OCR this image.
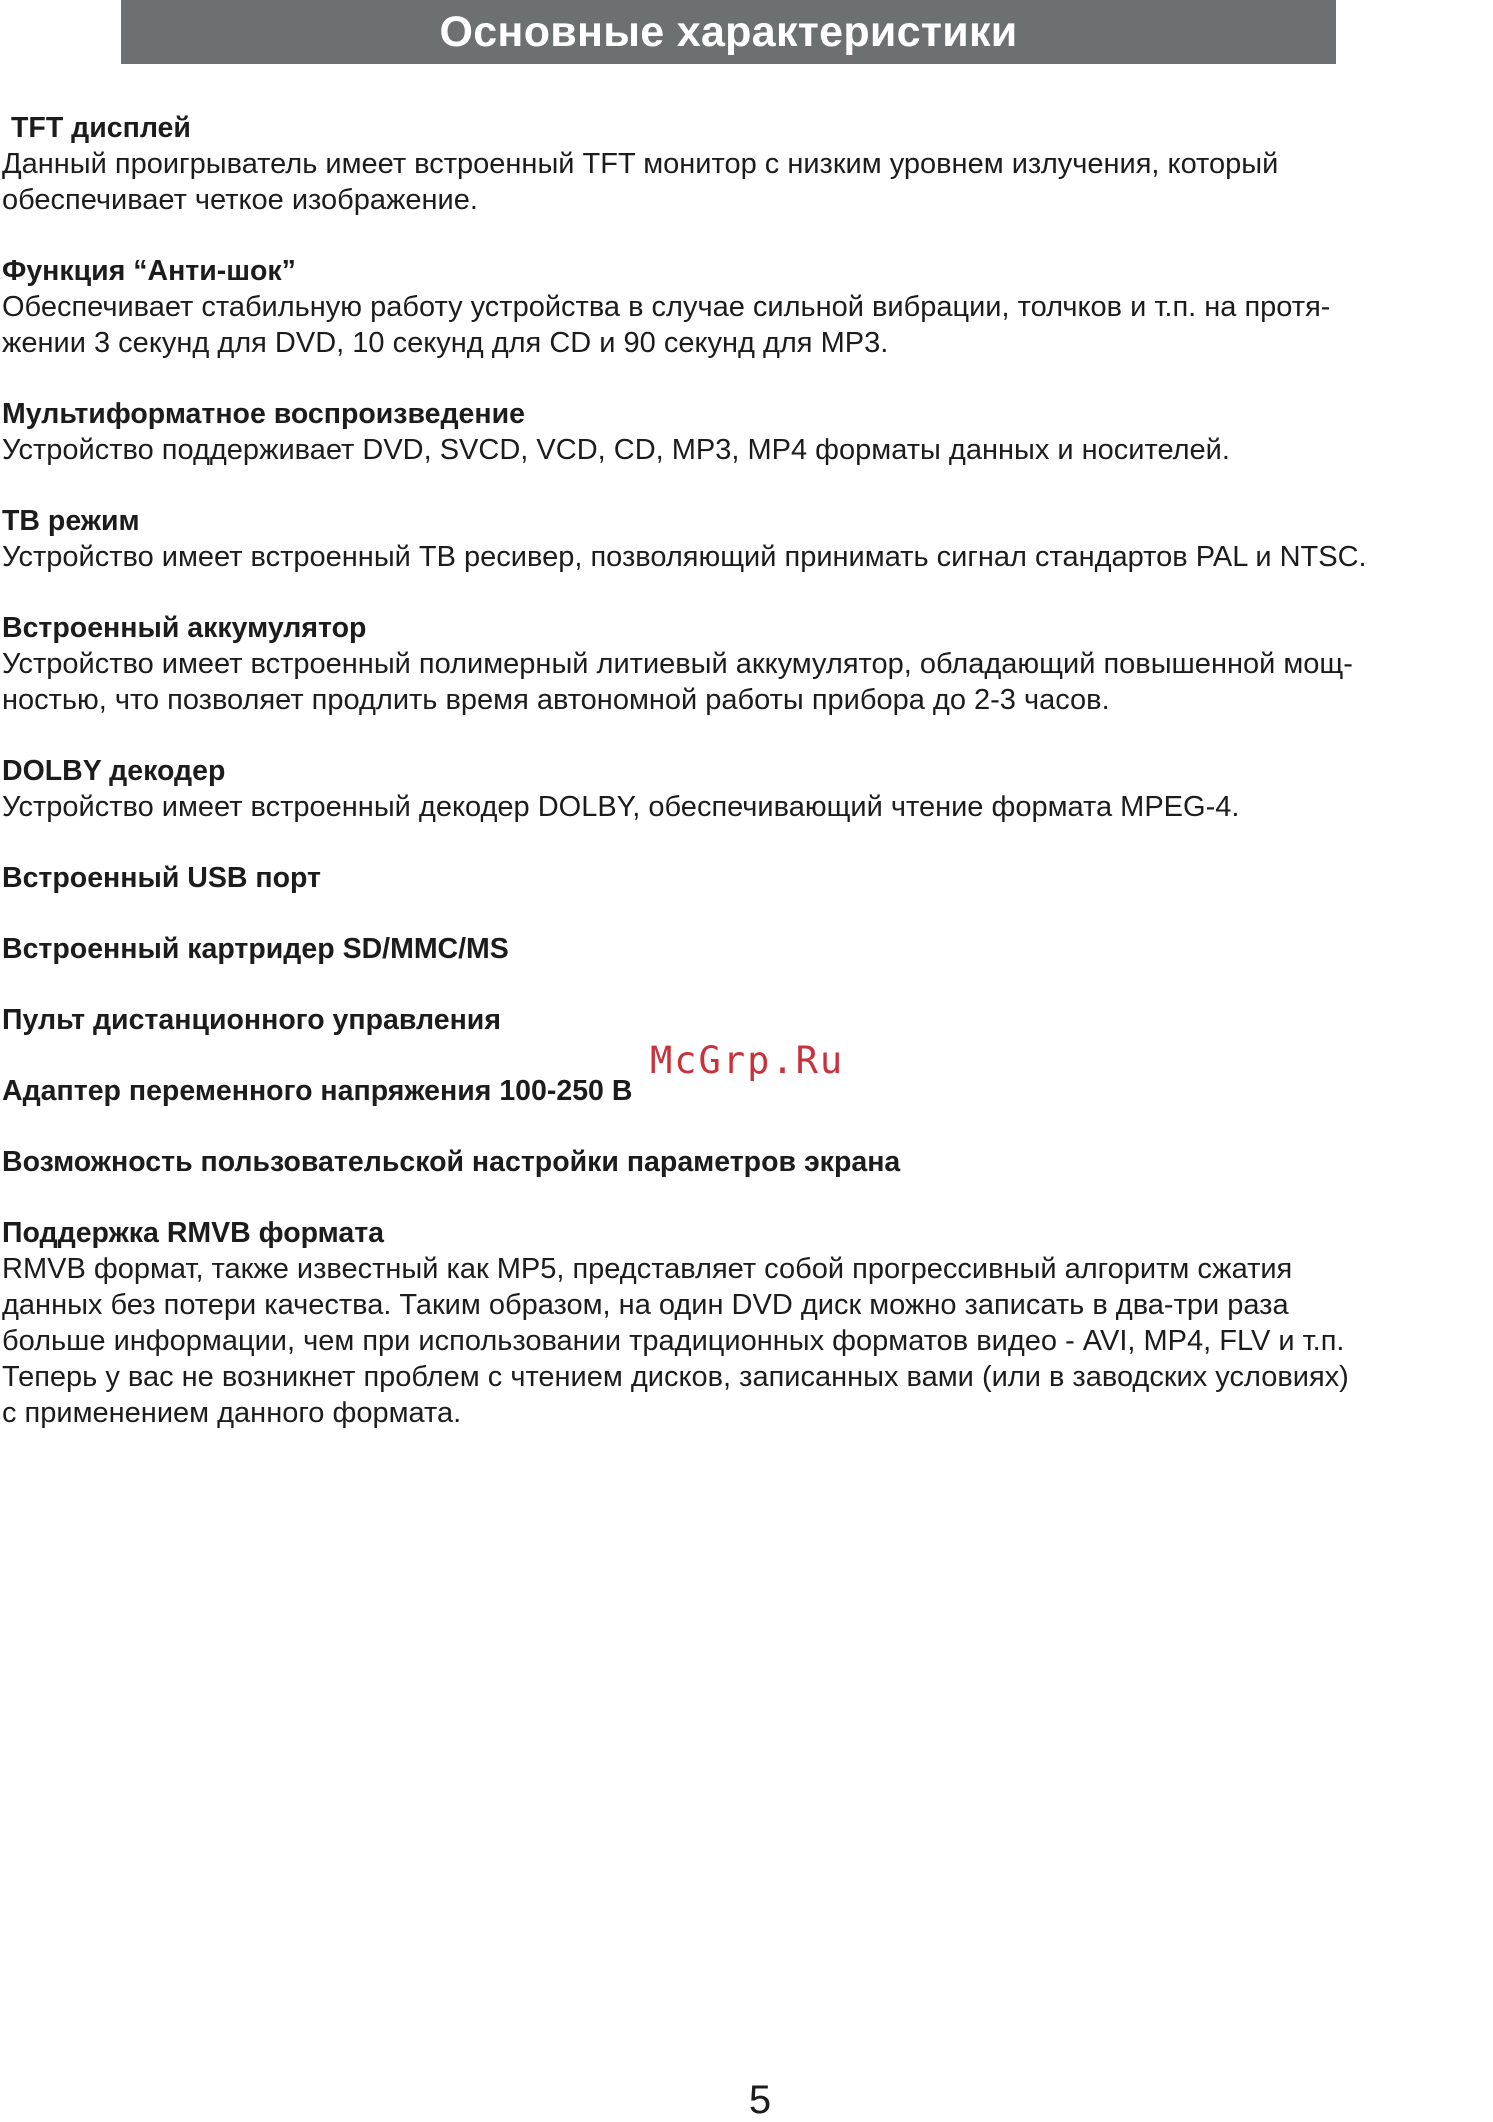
Основные характеристики
TFT дисплей

Данный проигрыватель имеет встроенный TFT монитор с низким уровнем излучения, который

обеспечивает четкое изображение.

Функция “Анти-шок”

Обеспечивает стабильную работу устройства в случае сильной вибрации, толчков и т.п. на протя-

жении 3 секунд для DVD, 10 секунд для CD и 90 секунд для MP3.

Мультиформатное воспроизведение

Устройство поддерживает DVD, SVCD, VCD, CD, MP3, MP4 форматы данных и носителей.

ТВ режим

Устройство имеет встроенный ТВ ресивер, позволяющий принимать сигнал стандартов PAL и NTSC.

Встроенный аккумулятор

Устройство имеет встроенный полимерный литиевый аккумулятор, обладающий повышенной мощ-

ностью, что позволяет продлить время автономной работы прибора до 2-3 часов.

DOLBY декодер

Устройство имеет встроенный декодер DOLBY, обеспечивающий чтение формата MPEG-4.

Встроенный USB порт
Встроенный картридер SD/MMC/MS
Пульт дистанционного управления
Адаптер переменного напряжения 100-250 В
Возможность пользовательской настройки параметров экрана
Поддержка RMVB формата

RMVB формат, также известный как MP5, представляет собой прогрессивный алгоритм сжатия

данных без потери качества. Таким образом, на один DVD диск можно записать в два-три раза

больше информации, чем при использовании традиционных форматов видео - AVI, MP4, FLV и т.п.

Теперь у вас не возникнет проблем с чтением дисков, записанных вами (или в заводских условиях)

с применением данного формата.

McGrp.Ru
5
